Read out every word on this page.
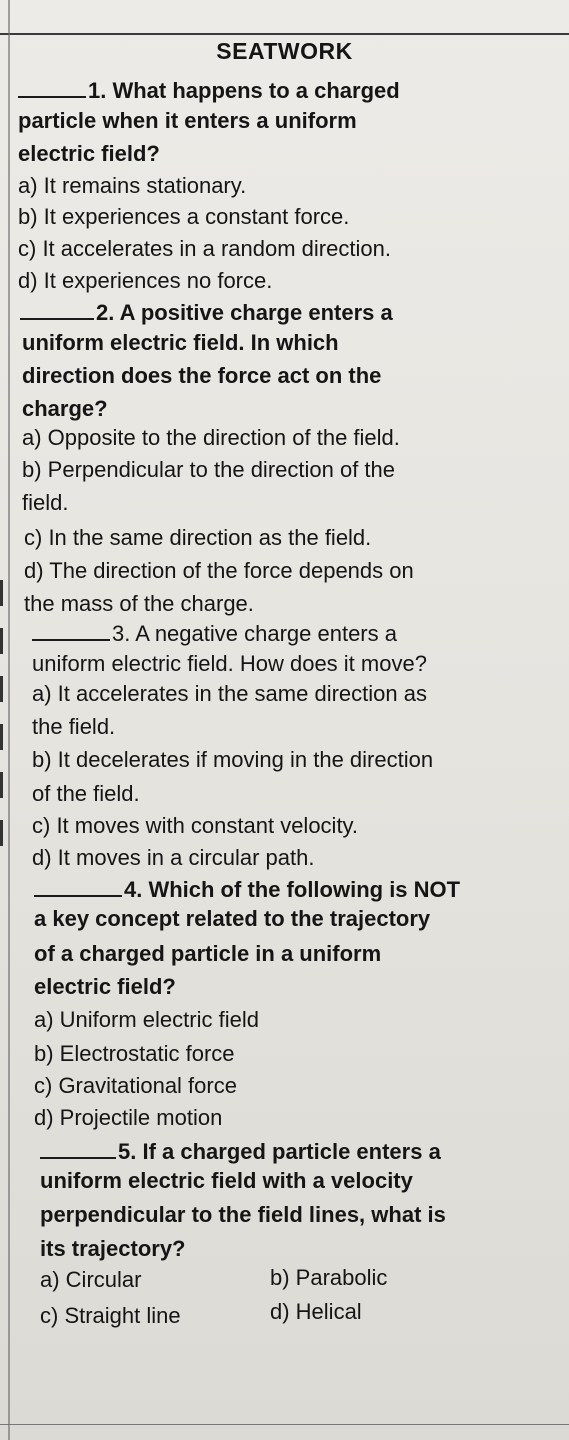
SEATWORK
1. What happens to a charged
particle when it enters a uniform
electric field?
a) It remains stationary.
b) It experiences a constant force.
c) It accelerates in a random direction.
d) It experiences no force.
2. A positive charge enters a
uniform electric field. In which
direction does the force act on the
charge?
a) Opposite to the direction of the field.
b) Perpendicular to the direction of the
field.
c) In the same direction as the field.
d) The direction of the force depends on
the mass of the charge.
3. A negative charge enters a
uniform electric field. How does it move?
a) It accelerates in the same direction as
the field.
b) It decelerates if moving in the direction
of the field.
c) It moves with constant velocity.
d) It moves in a circular path.
4. Which of the following is NOT
a key concept related to the trajectory
of a charged particle in a uniform
electric field?
a) Uniform electric field
b) Electrostatic force
c) Gravitational force
d) Projectile motion
5. If a charged particle enters a
uniform electric field with a velocity
perpendicular to the field lines, what is
its trajectory?
a) Circular	b) Parabolic
c) Straight line	d) Helical
